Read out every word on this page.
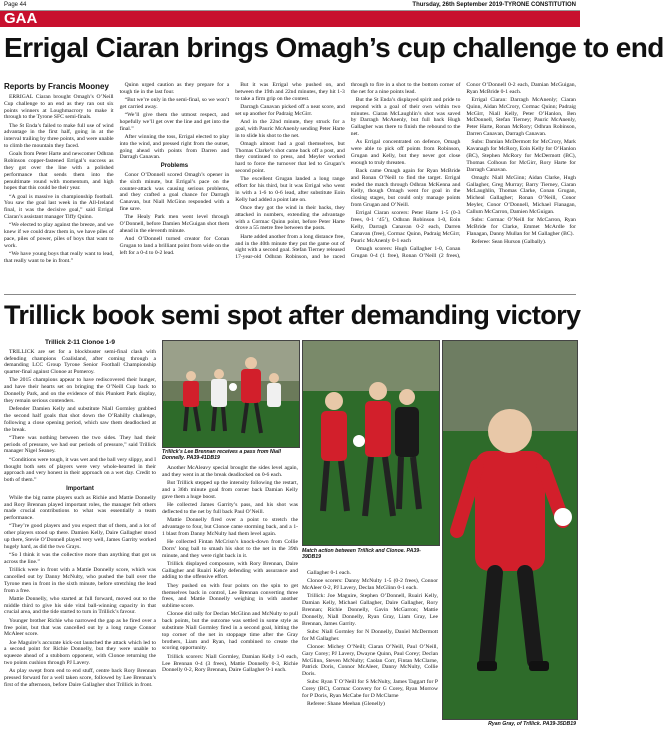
Page 44	Thursday, 26th September 2019-TYRONE CONSTITUTION
GAA
Errigal Ciaran brings Omagh’s cup challenge to end
Reports by Francis Mooney

ERRIGAL Ciaran brought Omagh’s O’Neill Cup challenge to an end as they ran out six points winners at Loughmacrory to make it through to the Tyrone SFC semi-finals.

The St Enda’s failed to make full use of wind advantage in the first half, going in at the interval trailing by three points, and were unable to climb the mountain they faced.

Goals from Peter Harte and newcomer Odhran Robinson copper-fastened Errigal’s success as they got over the line with a polished performance that sends them into the penultimate round with momentum, and high hopes that this could be their year.

“A goal is massive in championship football. You saw the goal last week in the All-Ireland final, it was the decisive goal,” said Errigal Ciaran’s assistant manager Tiffy Quinn.

“We elected to play against the breeze, and we knew if we could draw them in, we have piles of pace, piles of power, piles of boys that want to work.

“We have young boys that really want to lead, that really want to be in front.”

Quinn urged caution as they prepare for a tough tie in the last four.

“But we’re only in the semi-final, so we won’t get carried away.

“We’ll give them the utmost respect, and hopefully we’ll get over the line and get into the final.”

After winning the toss, Errigal elected to play into the wind, and pressed right from the outset, going ahead with points from Darren and Darragh Canavan.

Problems

Conor O’Donnell scored Omagh’s opener in the sixth minute, but Errigal’s pace on the counter-attack was causing serious problems, and they crafted a goal chance for Darragh Canavan, but Niall McGinn responded with a fine save.

The Healy Park men went level through O’Donnell, before Damien McGuigan shot them ahead in the eleventh minute.

And O’Donnell turned creator for Conan Grugan to land a brilliant point from wide on the left for a 0-4 to 0-2 lead.

But it was Errigal who pushed on, and between the 19th and 22nd minutes, they hit 1-3 to take a firm grip on the contest.

Darragh Canavan picked off a neat score, and set up another for Padraig McGirr.

And in the 22nd minute, they struck for a goal, with Pauric McAnenly sending Peter Harte in to slide his shot to the net.

Omagh almost had a goal themselves, but Thomas Clarke’s shot came back off a post, and they continued to press, and Meyler worked hard to force the turnover that led to Grugan’s second point.

The excellent Grugan landed a long range effort for his third, but it was Errigal who went in with a 1-6 to 0-6 lead, after substitute Eoin Kelly had added a point late on.

Once they got the wind in their backs, they attacked in numbers, extending the advantage with a Cormac Quinn point, before Peter Harte drove a 55 metre free between the posts.

Harte added another from a long distance free, and in the 40th minute they put the game out of sight with a second goal. Stefan Tierney released 17-year-old Odhran Robinson, and he raced through to fire in a shot to the bottom corner of the net for a nine points lead.

But the St Enda’s displayed spirit and pride to respond with a goal of their own within two minutes. Ciaran McLaughlin’s shot was saved by Darragh McAnenly, but full back Hugh Gallagher was there to finish the rebound to the net.

As Errigal concentrated on defence, Omagh were able to pick off points from Robinson, Grugan and Kelly, but they never got close enough to truly threaten.

Back came Omagh again for Ryan McBride and Ronan O’Neill to find the target. Errigal ended the match through Odhran McKenna and Kelly, though Omagh went for goal in the closing stages, but could only manage points from Grugan and O’Neill.

Errigal Ciaran scorers: Peter Harte 1-5 (0-3 frees, 0-1 ‘45’), Odhran Robinson 1-0, Eoin Kelly, Darragh Canavan 0-2 each, Darren Canavan (free), Cormac Quinn, Padraig McGirr, Pauric McAnenly 0-1 each

Omagh scorers: Hugh Gallagher 1-0, Conan Grugan 0-4 (1 free), Ronan O’Neill (2 frees), Conor O’Donnell 0-2 each, Damian McGuigan, Ryan McBride 0-1 each.

Errigal Ciaran: Darragh McAnenly; Ciaran Quinn, Aidan McCrory, Cormac Quinn; Padraig McGirr, Niall Kelly, Peter O’Hanlon, Ben McDonnell, Stefan Tierney; Pauric McAnenly, Peter Harte, Ronan McRory; Odhran Robinson, Darren Canavan, Darragh Canavan.

Subs: Damian McDermott for McCrory, Mark Kavanagh for McRory, Eoin Kelly for O’Hanlon (BC), Stephen McRory for McDermott (BC), Thomas Colhoun for McGirr, Rory Harte for Darragh Canavan.

Omagh: Niall McGinn; Aidan Clarke, Hugh Gallagher, Greg Murray; Barry Tierney, Ciaran McLaughlin, Thomas Clarke, Conan Grugan, Micheal Gallagher; Ronan O’Neill, Conor Meyler, Conor O’Donnell, Michael Flanagan, Callum McCarron, Damien McGuigan.

Subs: Cormac O’Neill for McCarron, Ryan McBride for Clarke, Emmet McArdle for Flanagan, Danny Mullan for M Gallagher (BC).

Referee: Sean Hurson (Galbally).

Trillick book semi spot after demanding victory
Trillick 2-11 Clonoe 1-9

TRILLICK are set for a blockbuster semi-final clash with defending champions Coalisland, after coming through a demanding LCC Group Tyrone Senior Football Championship quarter-final against Clonoe at Pomeroy.

The 2015 champions appear to have rediscovered their hunger, and have their hearts set on bringing the O’Neill Cup back to Donnelly Park, and on the evidence of this Plunkett Park display, they remain serious contenders.

Defender Damien Kelly and substitute Niall Gormley grabbed the second half goals that shot down the O’Rahilly challenge, following a close opening period, which saw them deadlocked at the break.

“There was nothing between the two sides. They had their periods of pressure, we had our periods of pressure,” said Trillick manager Nigel Seaney.

“Conditions were tough, it was wet and the ball very slippy, and I thought both sets of players were very whole-hearted in their approach and very honest in their approach on a wet day. Credit to both of them.”

Important

While the big name players such as Richie and Mattie Donnelly and Rory Brennan played important roles, the manager felt others made crucial contributions to what was essentially a team performance.

“They’re good players and you expect that of them, and a lot of other players stood up there. Damien Kelly, Daire Gallagher stood up there, Stevie O’Donnell played very well, James Garrity worked hugely hard, as did the two Grays.

“So I think it was the collective more than anything that got us across the line.”

Trillick were in front with a Mattie Donnelly score, which was cancelled out by Danny McNulty, who pushed the ball over the Tyrone men in front in the sixth minute, before stretching the lead from a free.

Mattie Donnelly, who started at full forward, moved out to the middle third to give his side vital ball-winning capacity in that crucial area, and the tide started to turn in Trillick’s favour.

Younger brother Richie who narrowed the gap as he fired over a free point, but that was cancelled out by a long range Connor McAleer score.

Joe Maguire’s accurate kick-out launched the attack which led to a second point for Richie Donnelly, but they were unable to squeeze ahead of a stubborn opponent, with Clonoe returning the two points cushion through PJ Lavery.

As play swept from end to end stuff, centre back Rory Brennan pressed forward for a well taken score, followed by Lee Brennan’s first of the afternoon, before Daire Gallagher shot Trillick in front.

Trillick’s Lee Brennan receives a pass from Niall Donnelly. PA39-41DB19

Another McAleavy special brought the sides level again, and they went in at the break deadlocked on 0-6 each.

But Trillick stepped up the intensity following the restart, and a 36th minute goal from corner back Damian Kelly gave them a huge boost.

He collected James Garrity’s pass, and his shot was deflected to the net by full back Paul O’Neill.

Mattie Donnelly fired over a point to stretch the advantage to four, but Clonoe came storming back, and a 1-1 blast from Danny McNulty had them level again.

He collected Fintan McCrisn’s knock-down from Collie Dorrs’ long ball to smash his shot to the net in the 39th minute, and they were right back in it.

Trillick displayed composure, with Rory Brennan, Daire Gallagher and Ruairí Kelly defending with assurance and adding to the offensive effort.

They pushed on with four points on the spin to get themselves back in control, Lee Brennan converting three frees, and Mattie Donnelly weighing in with another sublime score.

Clonoe did rally for Declan McGlinn and McNulty to pull back points, but the outcome was settled in some style as substitute Niall Gormley fired in a second goal, hitting the top corner of the net in stoppage time after the Gray brothers, Liam and Ryan, had combined to create the scoring opportunity.

Trillick scorers: Niall Gormley, Damian Kelly 1-0 each, Lee Brennan 0-4 (3 frees), Mattie Donnelly 0-3, Richie Donnelly 0-2, Rory Brennan, Daire Gallagher 0-1 each.

Match action between Trillick and Clonoe. PA39-39DB19

Gallagher 0-1 each.

Clonoe scorers: Danny McNulty 1-5 (0-2 frees), Connor McAleer 0-2, PJ Lavery, Declan McGlinn 0-1 each.

Trillick: Joe Maguire, Stephen O’Donnell, Ruairi Kelly, Damian Kelly, Michael Gallagher, Daire Gallagher, Rory Brennan; Richie Donnelly, Gavin McGarron; Mattie Donnelly, Niall Donnelly, Ryan Gray, Liam Gray, Lee Brennan, James Garrity.

Subs: Niall Gormley for N Donnelly, Daniel McDermott for M Gallagher.

Clonoe: Michey O’Neill; Ciaran O’Neill, Paul O’Neill, Gary Corey; PJ Lavery, Dwayne Quinn, Paul Corey; Declan McGlinn, Steven McNulty; Caolan Corr, Fintan McClarne, Patrick Doris, Connor McAleer, Danny McNulty, Collie Doris.

Subs: Ryan T O’Neill for S McNulty, James Taggart for P Corey (BC), Cormac Convery for G Corey, Ryan Morrow for P Doris, Ryan McCabe for D McClarne

Referee: Shane Meehan (Glenelly)

Ryan Gray, of Trillick. PA39-35DB19
